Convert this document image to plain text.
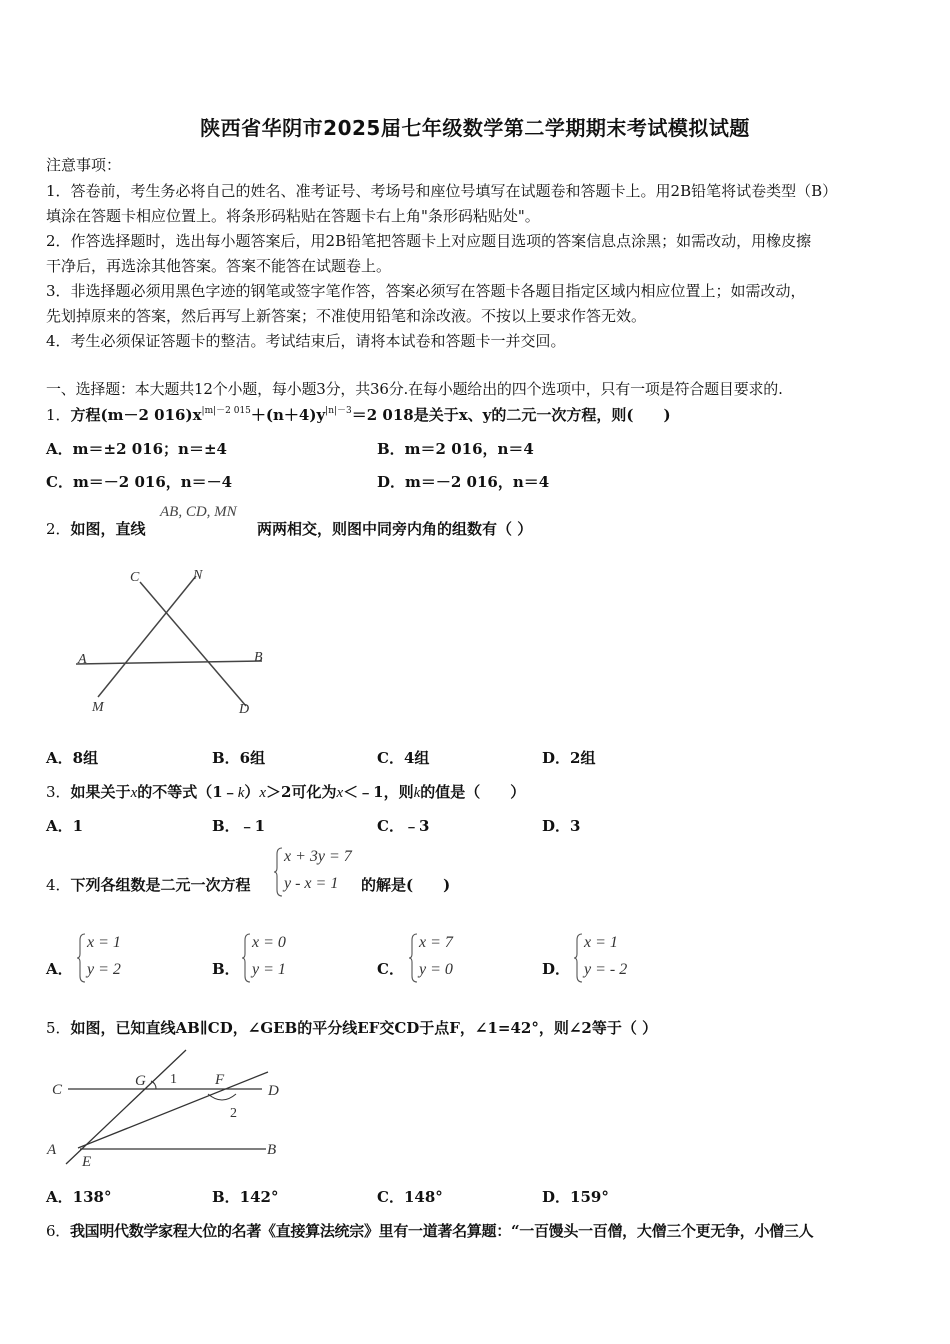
陕西省华阴市2025届七年级数学第二学期期末考试模拟试题
注意事项：
1．答卷前，考生务必将自己的姓名、准考证号、考场号和座位号填写在试题卷和答题卡上。用2B铅笔将试卷类型（B）
填涂在答题卡相应位置上。将条形码粘贴在答题卡右上角"条形码粘贴处"。
2．作答选择题时，选出每小题答案后，用2B铅笔把答题卡上对应题目选项的答案信息点涂黑；如需改动，用橡皮擦
干净后，再选涂其他答案。答案不能答在试题卷上。
3．非选择题必须用黑色字迹的钢笔或签字笔作答，答案必须写在答题卡各题目指定区域内相应位置上；如需改动，
先划掉原来的答案，然后再写上新答案；不准使用铅笔和涂改液。不按以上要求作答无效。
4．考生必须保证答题卡的整洁。考试结束后，请将本试卷和答题卡一并交回。
一、选择题：本大题共12个小题，每小题3分，共36分.在每小题给出的四个选项中，只有一项是符合题目要求的.
1．方程(m－2 $016)x^{|m|-2 015}+(n+4)y^{|n|-3}=2$ 018是关于x、y的二元一次方程，则(　　)
A．m＝±2 016；n＝±4	B．m＝2 016，n＝4
C．m＝－2 016，n＝－4	D．m＝－2 016，n＝4
2．如图，直线
AB, CD, MN
两两相交，则图中同旁内角的组数有（ ）
C	N
A	B
M	D
A．8组	B．6组	C．4组	D．2组
3．如果关于x的不等式（1﹣k）x＞2可化为x＜﹣1，则k的值是（　　）
A．1	B．﹣1	C．﹣3	D．3
4．下列各组数是二元一次方程
x + 3y = 7
y - x = 1 的解是(　　)
A．
x = 1
y = 2	B．
x = 0
y = 1	C．
x = 7
y = 0	D．
x = 1
y = - 2
5．如图，已知直线AB∥CD，∠GEB的平分线EF交CD于点F，∠1=42°，则∠2等于（ ）
C
G 1	F
D
2
A
E
B
A．138°	B．142°	C．148°	D．159°
6．我国明代数学家程大位的名著《直接算法统宗》里有一道著名算题：“一百馒头一百僧，大僧三个更无争，小僧三人
